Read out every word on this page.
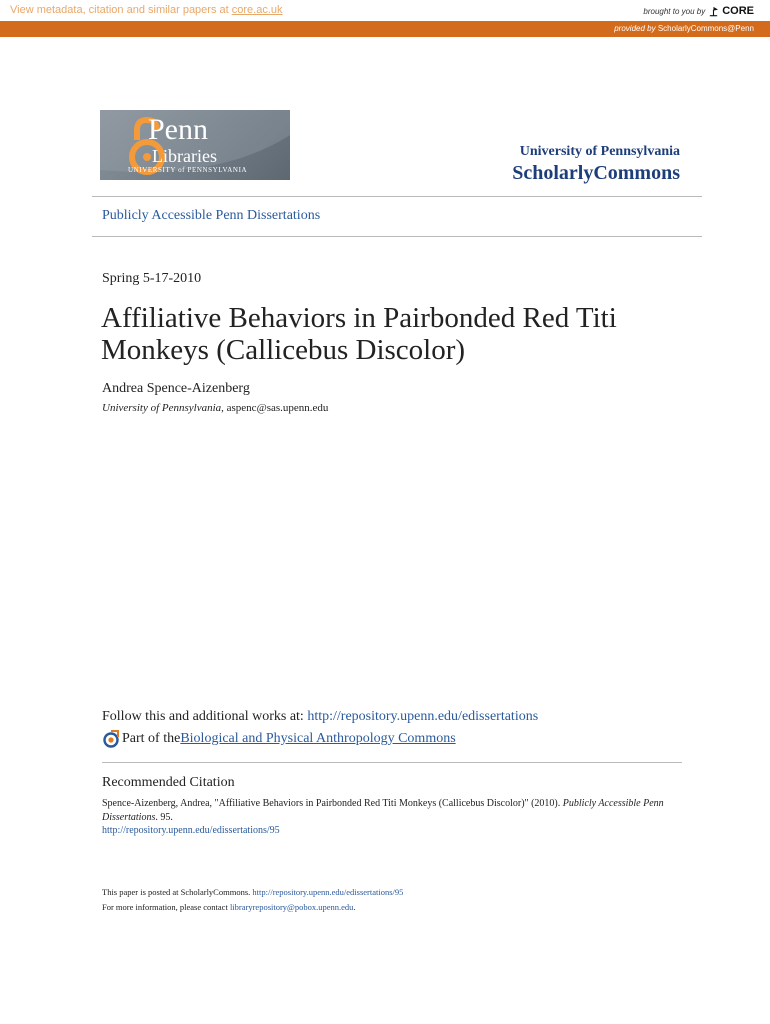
View metadata, citation and similar papers at core.ac.uk	brought to you by CORE
provided by ScholarlyCommons@Penn
Penn
Libraries
UNIVERSITY of PENNSYLVANIA
University of Pennsylvania
ScholarlyCommons
Publicly Accessible Penn Dissertations
Spring 5-17-2010
Affiliative Behaviors in Pairbonded Red Titi
Monkeys (Callicebus Discolor)
Andrea Spence-Aizenberg
University of Pennsylvania, aspenc@sas.upenn.edu
Follow this and additional works at: http://repository.upenn.edu/edissertations
Part of the Biological and Physical Anthropology Commons
Recommended Citation
Spence-Aizenberg, Andrea, "Affiliative Behaviors in Pairbonded Red Titi Monkeys (Callicebus Discolor)" (2010). Publicly Accessible Penn Dissertations. 95.
http://repository.upenn.edu/edissertations/95
This paper is posted at ScholarlyCommons. http://repository.upenn.edu/edissertations/95
For more information, please contact libraryrepository@pobox.upenn.edu.
